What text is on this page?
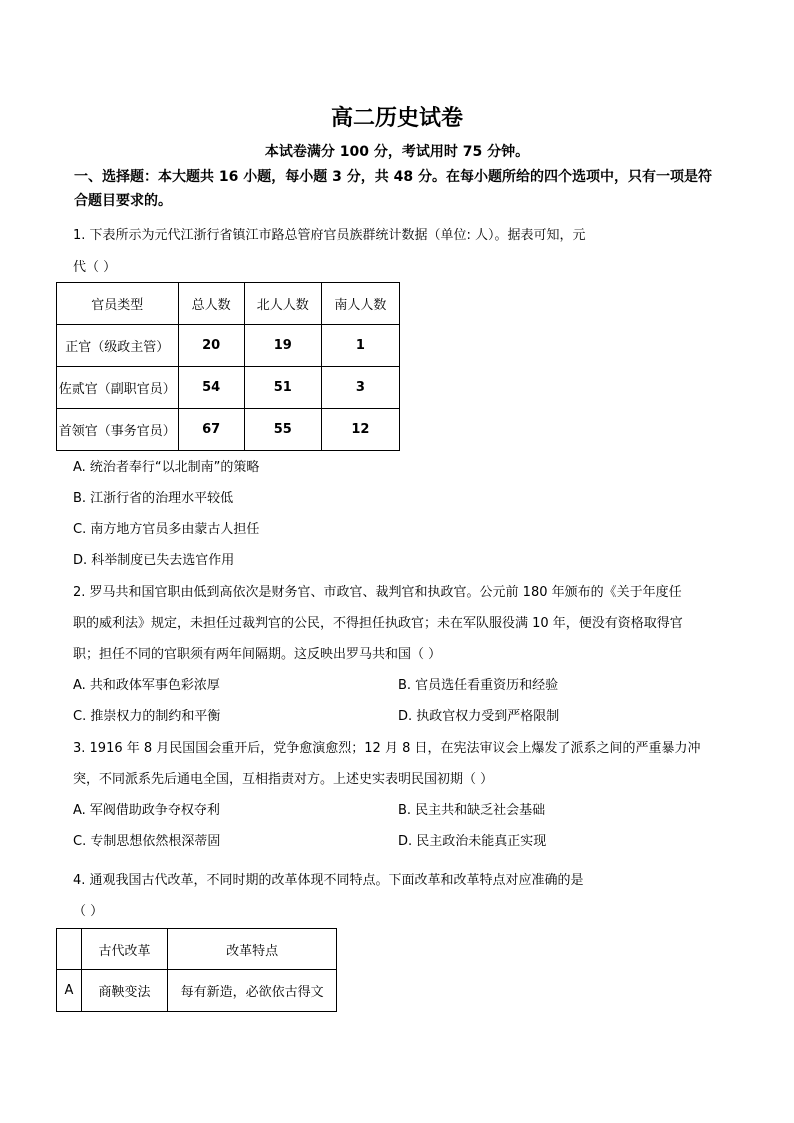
高二历史试卷
本试卷满分 100 分，考试用时 75 分钟。
一、选择题：本大题共 16 小题，每小题 3 分，共 48 分。在每小题所给的四个选项中，只有一项是符合题目要求的。
1. 下表所示为元代江浙行省镇江市路总管府官员族群统计数据（单位: 人）。据表可知，元
代（ ）
官员类型	总人数	北人人数	南人人数
正官（级政主管）	20	19	1
佐贰官（副职官员）	54	51	3
首领官（事务官员）	67	55	12
A. 统治者奉行“以北制南”的策略
B. 江浙行省的治理水平较低
C. 南方地方官员多由蒙古人担任
D. 科举制度已失去选官作用
2. 罗马共和国官职由低到高依次是财务官、市政官、裁判官和执政官。公元前 180 年颁布的《关于年度任
职的威利法》规定，未担任过裁判官的公民，不得担任执政官；未在军队服役满 10 年，便没有资格取得官
职；担任不同的官职须有两年间隔期。这反映出罗马共和国（ ）
A. 共和政体军事色彩浓厚	B. 官员选任看重资历和经验
C. 推崇权力的制约和平衡	D. 执政官权力受到严格限制
3. 1916 年 8 月民国国会重开后，党争愈演愈烈；12 月 8 日，在宪法审议会上爆发了派系之间的严重暴力冲
突，不同派系先后通电全国，互相指责对方。上述史实表明民国初期（ ）
A. 军阀借助政争夺权夺利	B. 民主共和缺乏社会基础
C. 专制思想依然根深蒂固	D. 民主政治未能真正实现
4. 通观我国古代改革，不同时期的改革体现不同特点。下面改革和改革特点对应准确的是
（ ）
	古代改革	改革特点
A	商鞅变法	每有新造，必欲依古得文
